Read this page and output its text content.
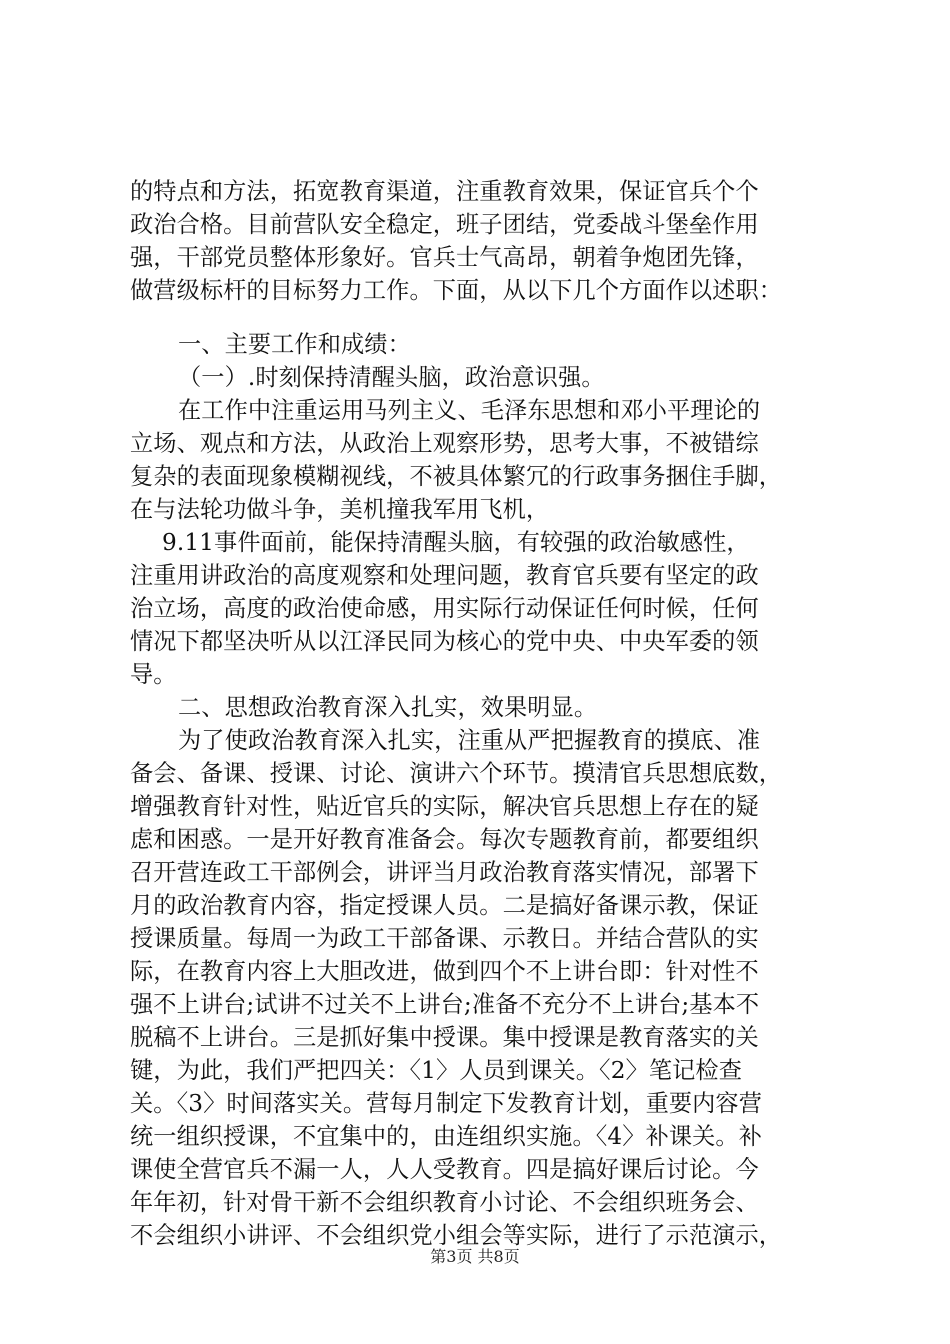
的特点和方法，拓宽教育渠道，注重教育效果，保证官兵个个
政治合格。目前营队安全稳定，班子团结，党委战斗堡垒作用
强，干部党员整体形象好。官兵士气高昂，朝着争炮团先锋，
做营级标杆的目标努力工作。下面，从以下几个方面作以述职：
一、主要工作和成绩：
（一）.时刻保持清醒头脑，政治意识强。
在工作中注重运用马列主义、毛泽东思想和邓小平理论的
立场、观点和方法，从政治上观察形势，思考大事，不被错综
复杂的表面现象模糊视线，不被具体繁冗的行政事务捆住手脚，
在与法轮功做斗争，美机撞我军用飞机，
9.11事件面前，能保持清醒头脑，有较强的政治敏感性，
注重用讲政治的高度观察和处理问题，教育官兵要有坚定的政
治立场，高度的政治使命感，用实际行动保证任何时候，任何
情况下都坚决听从以江泽民同为核心的党中央、中央军委的领
导。
二、思想政治教育深入扎实，效果明显。
为了使政治教育深入扎实，注重从严把握教育的摸底、准
备会、备课、授课、讨论、演讲六个环节。摸清官兵思想底数，
增强教育针对性，贴近官兵的实际，解决官兵思想上存在的疑
虑和困惑。一是开好教育准备会。每次专题教育前，都要组织
召开营连政工干部例会，讲评当月政治教育落实情况，部署下
月的政治教育内容，指定授课人员。二是搞好备课示教，保证
授课质量。每周一为政工干部备课、示教日。并结合营队的实
际，在教育内容上大胆改进，做到四个不上讲台即：针对性不
强不上讲台;试讲不过关不上讲台;准备不充分不上讲台;基本不
脱稿不上讲台。三是抓好集中授课。集中授课是教育落实的关
键，为此，我们严把四关：〈1〉人员到课关。〈2〉笔记检查
关。〈3〉时间落实关。营每月制定下发教育计划，重要内容营
统一组织授课，不宜集中的，由连组织实施。〈4〉补课关。补
课使全营官兵不漏一人，人人受教育。四是搞好课后讨论。今
年年初，针对骨干新不会组织教育小讨论、不会组织班务会、
不会组织小讲评、不会组织党小组会等实际，进行了示范演示，
第3页 共8页
